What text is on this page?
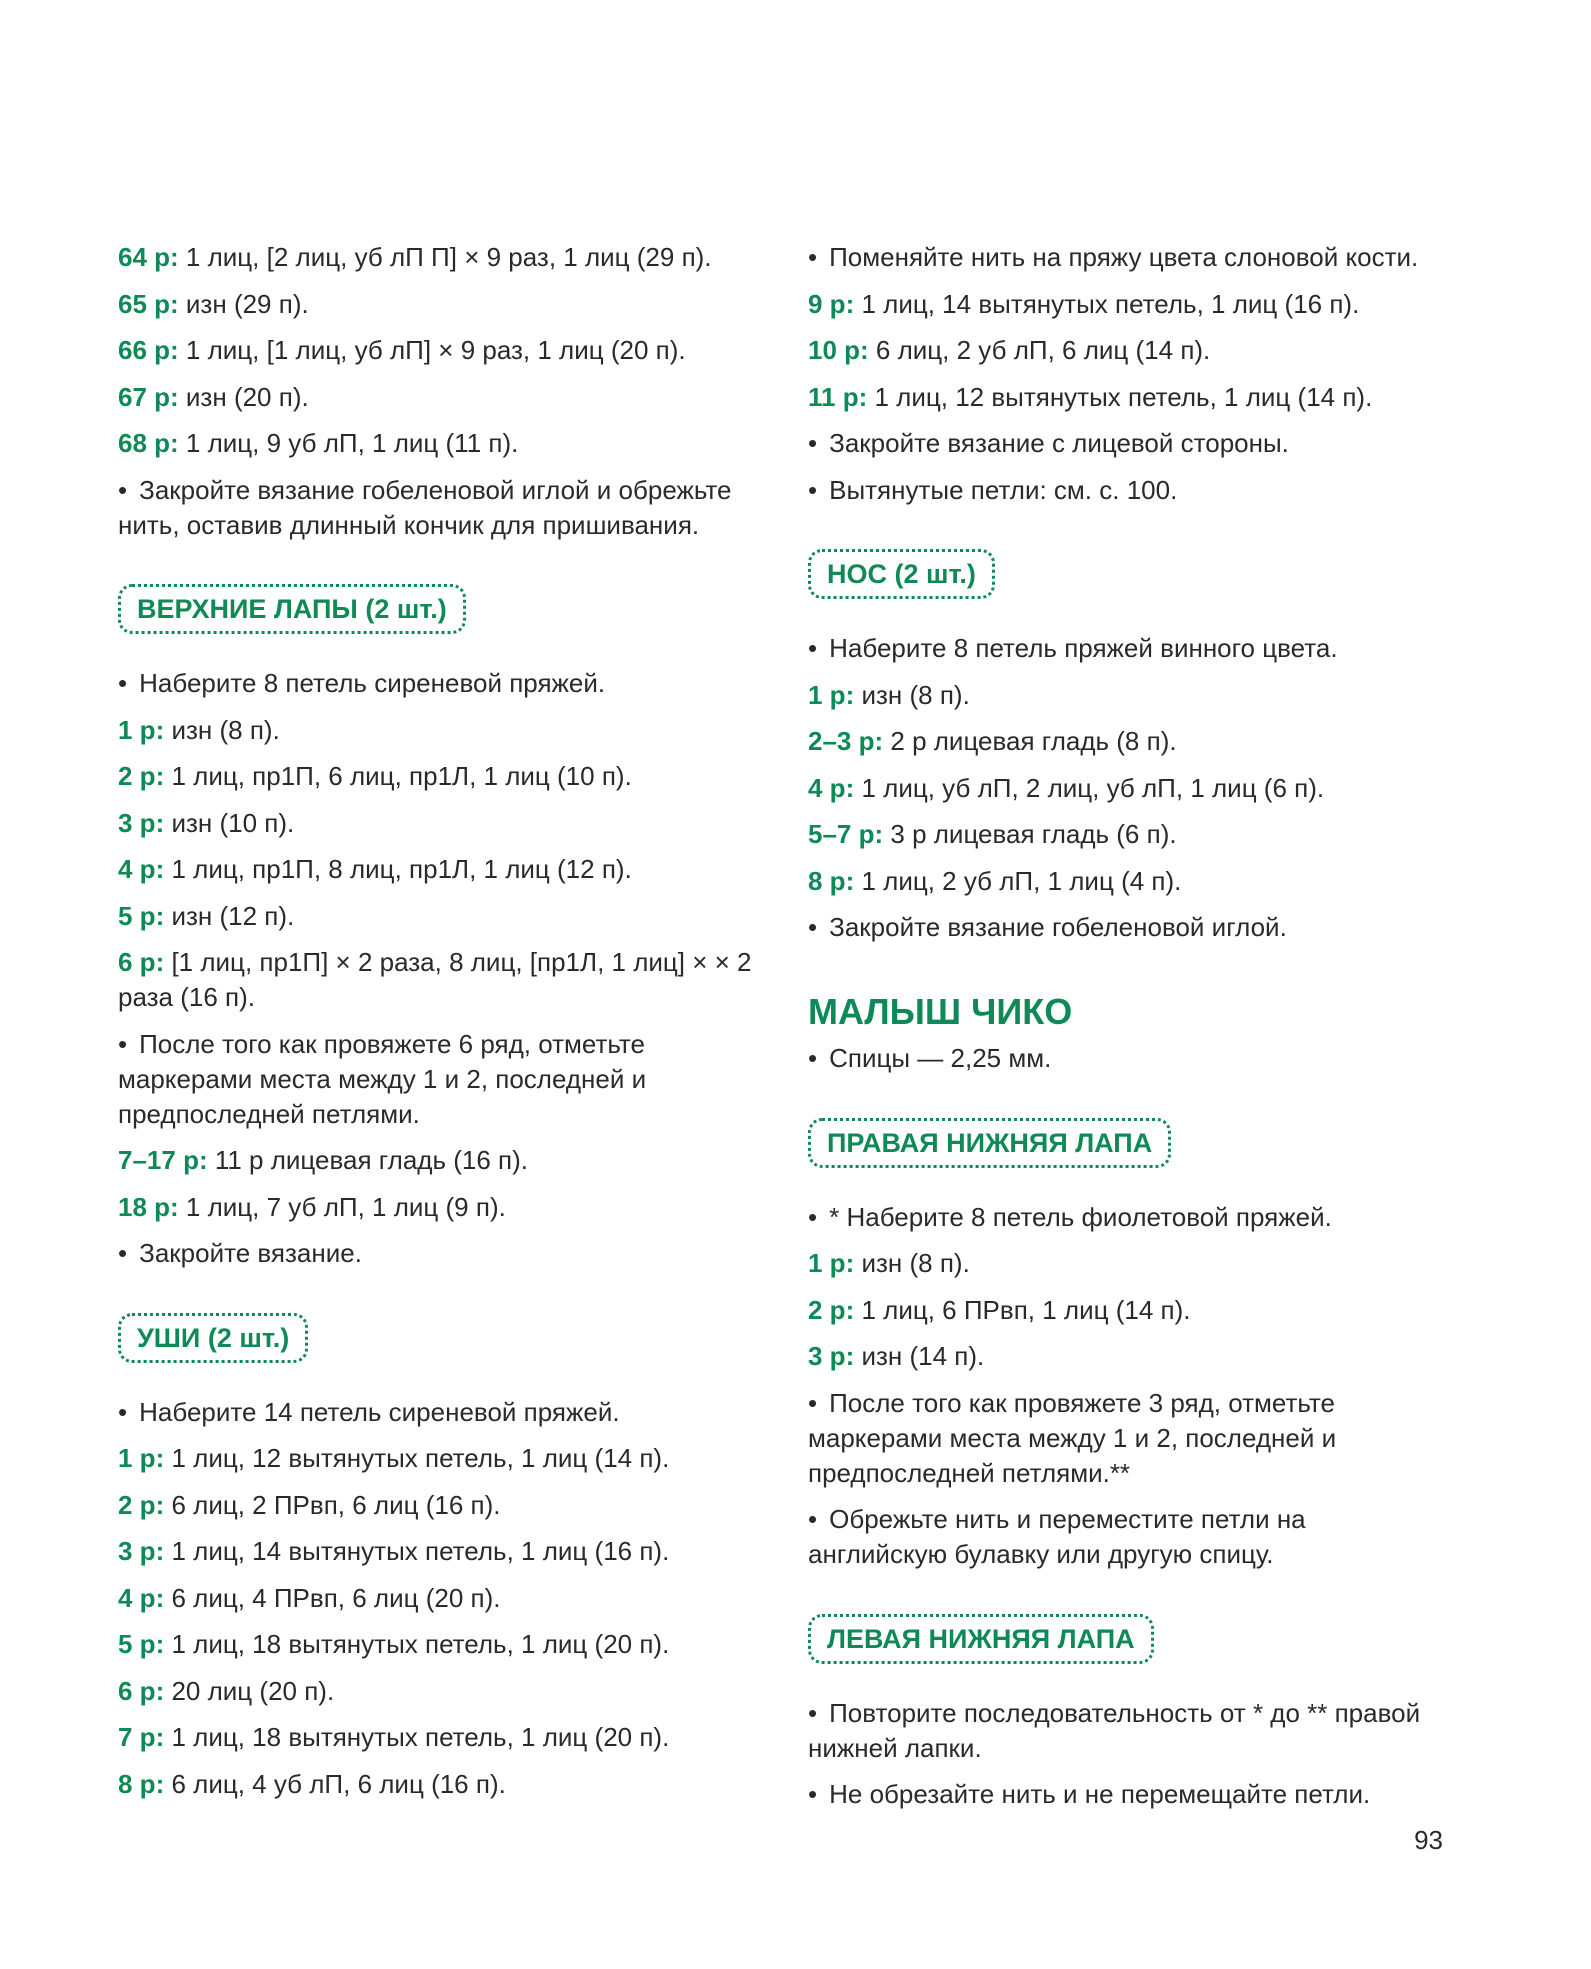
64 р: 1 лиц, [2 лиц, уб лП П] × 9 раз, 1 лиц (29 п).
65 р: изн (29 п).
66 р: 1 лиц, [1 лиц, уб лП] × 9 раз, 1 лиц (20 п).
67 р: изн (20 п).
68 р: 1 лиц, 9 уб лП, 1 лиц (11 п).
• Закройте вязание гобеленовой иглой и обрежьте нить, оставив длинный кончик для пришивания.
ВЕРХНИЕ ЛАПЫ (2 шт.)
• Наберите 8 петель сиреневой пряжей.
1 р: изн (8 п).
2 р: 1 лиц, пр1П, 6 лиц, пр1Л, 1 лиц (10 п).
3 р: изн (10 п).
4 р: 1 лиц, пр1П, 8 лиц, пр1Л, 1 лиц (12 п).
5 р: изн (12 п).
6 р: [1 лиц, пр1П] × 2 раза, 8 лиц, [пр1Л, 1 лиц] × × 2 раза (16 п).
• После того как провяжете 6 ряд, отметьте маркерами места между 1 и 2, последней и предпоследней петлями.
7–17 р: 11 р лицевая гладь (16 п).
18 р: 1 лиц, 7 уб лП, 1 лиц (9 п).
• Закройте вязание.
УШИ (2 шт.)
• Наберите 14 петель сиреневой пряжей.
1 р: 1 лиц, 12 вытянутых петель, 1 лиц (14 п).
2 р: 6 лиц, 2 ПРвп, 6 лиц (16 п).
3 р: 1 лиц, 14 вытянутых петель, 1 лиц (16 п).
4 р: 6 лиц, 4 ПРвп, 6 лиц (20 п).
5 р: 1 лиц, 18 вытянутых петель, 1 лиц (20 п).
6 р: 20 лиц (20 п).
7 р: 1 лиц, 18 вытянутых петель, 1 лиц (20 п).
8 р: 6 лиц, 4 уб лП, 6 лиц (16 п).
• Поменяйте нить на пряжу цвета слоновой кости.
9 р: 1 лиц, 14 вытянутых петель, 1 лиц (16 п).
10 р: 6 лиц, 2 уб лП, 6 лиц (14 п).
11 р: 1 лиц, 12 вытянутых петель, 1 лиц (14 п).
• Закройте вязание с лицевой стороны.
• Вытянутые петли: см. с. 100.
НОС (2 шт.)
• Наберите 8 петель пряжей винного цвета.
1 р: изн (8 п).
2–3 р: 2 р лицевая гладь (8 п).
4 р: 1 лиц, уб лП, 2 лиц, уб лП, 1 лиц (6 п).
5–7 р: 3 р лицевая гладь (6 п).
8 р: 1 лиц, 2 уб лП, 1 лиц (4 п).
• Закройте вязание гобеленовой иглой.
МАЛЫШ ЧИКО
• Спицы — 2,25 мм.
ПРАВАЯ НИЖНЯЯ ЛАПА
• * Наберите 8 петель фиолетовой пряжей.
1 р: изн (8 п).
2 р: 1 лиц, 6 ПРвп, 1 лиц (14 п).
3 р: изн (14 п).
• После того как провяжете 3 ряд, отметьте маркерами места между 1 и 2, последней и предпоследней петлями.**
• Обрежьте нить и переместите петли на английскую булавку или другую спицу.
ЛЕВАЯ НИЖНЯЯ ЛАПА
• Повторите последовательность от * до ** правой нижней лапки.
• Не обрезайте нить и не перемещайте петли.
93
